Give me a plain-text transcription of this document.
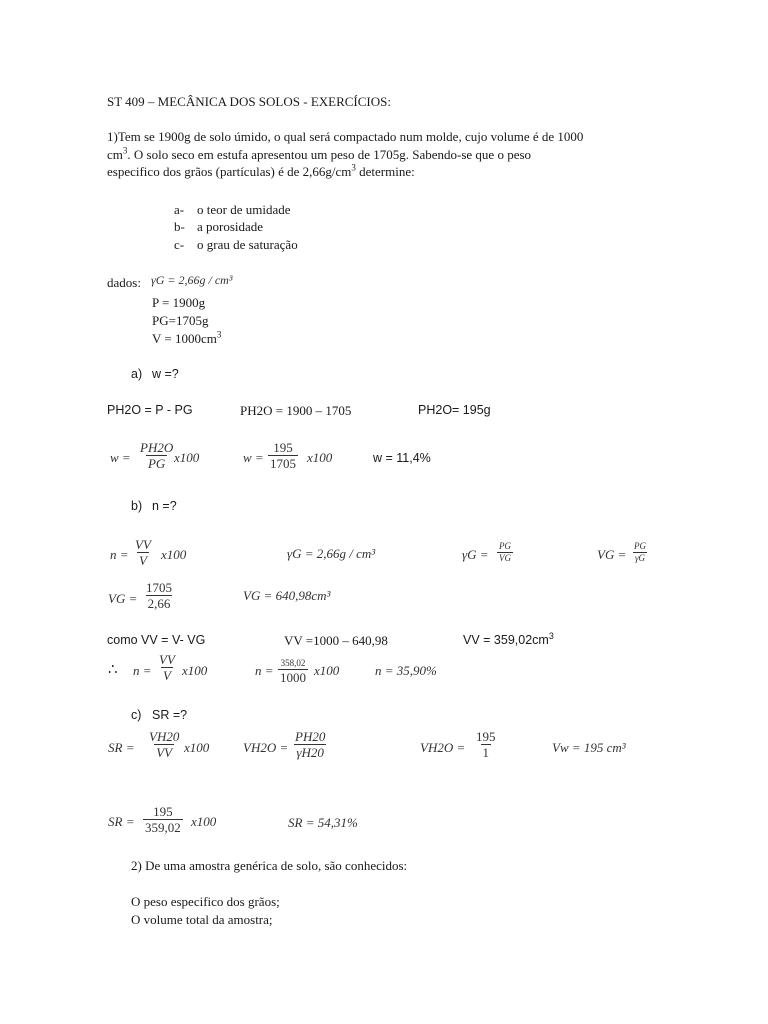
ST 409 – MECÂNICA DOS SOLOS - EXERCÍCIOS:
1)Tem se 1900g de solo úmido, o qual será compactado num molde, cujo volume é de 1000
$cm^3$. O solo seco em estufa apresentou um peso de 1705g. Sabendo-se que o peso
especifico dos grãos (partículas) é de $2,66g/cm^3$ determine:
a- o teor de umidade
b- a porosidade
c- o grau de saturação
dados: γG = 2,66g / cm³
P = 1900g
PG=1705g
$V = 1000cm^3$
a) w =?
PH2O = P - PG	PH2O = 1900 – 1705	PH2O= 195g
$w = \frac{PH2O}{PG}$
x100	$w = \frac{195}{1705} x100$	w = 11,4%
b) n =?
$n = \frac{VV}{V} x100$	γG = 2,66g / cm³	$\gamma G = \frac{PG}{VG}$	VG = $\frac{PG}{\gamma G}$
VG = $\frac{1705}{2,66}$	VG = 640,98cm³
como VV = V- VG	VV =1000 – 640,98	VV = $359,02cm^3$
∴ $n = \frac{VV}{V} x100$	n = 358,02
1000 x100	n = 35,90%
c) SR =?
SR = $\frac{VH20}{VV} x100$	$VH2O = \frac{PH20}{\gamma H20}$	$VH2O = \frac{195}{1}$	Vw = 195 cm³
SR = $\frac{195}{359,02} x100$	SR = 54,31%
2) De uma amostra genérica de solo, são conhecidos:
O peso especifico dos grãos;
O volume total da amostra;
